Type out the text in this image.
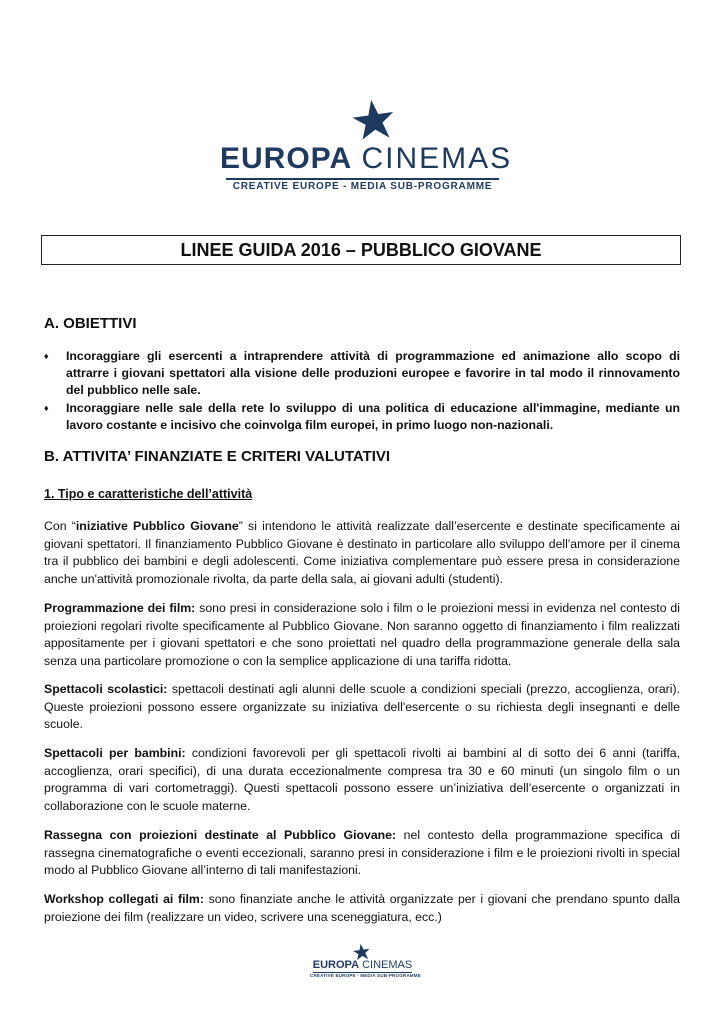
EUROPA CINEMAS
CREATIVE EUROPE - MEDIA SUB-PROGRAMME
LINEE GUIDA 2016 – PUBBLICO GIOVANE
A. OBIETTIVI
♦ Incoraggiare gli esercenti a intraprendere attività di programmazione ed animazione allo scopo di attrarre i giovani spettatori alla visione delle produzioni europee e favorire in tal modo il rinnovamento del pubblico nelle sale.
♦ Incoraggiare nelle sale della rete lo sviluppo di una politica di educazione all'immagine, mediante un lavoro costante e incisivo che coinvolga film europei, in primo luogo non-nazionali.
B. ATTIVITA’ FINANZIATE E CRITERI VALUTATIVI
1. Tipo e caratteristiche dell’attività

Con “iniziative Pubblico Giovane” si intendono le attività realizzate dall’esercente e destinate specificamente ai giovani spettatori. Il finanziamento Pubblico Giovane è destinato in particolare allo sviluppo dell'amore per il cinema tra il pubblico dei bambini e degli adolescenti. Come iniziativa complementare può essere presa in considerazione anche un'attività promozionale rivolta, da parte della sala, ai giovani adulti (studenti).

Programmazione dei film: sono presi in considerazione solo i film o le proiezioni messi in evidenza nel contesto di proiezioni regolari rivolte specificamente al Pubblico Giovane. Non saranno oggetto di finanziamento i film realizzati appositamente per i giovani spettatori e che sono proiettati nel quadro della programmazione generale della sala senza una particolare promozione o con la semplice applicazione di una tariffa ridotta.

Spettacoli scolastici: spettacoli destinati agli alunni delle scuole a condizioni speciali (prezzo, accoglienza, orari). Queste proiezioni possono essere organizzate su iniziativa dell'esercente o su richiesta degli insegnanti e delle scuole.

Spettacoli per bambini: condizioni favorevoli per gli spettacoli rivolti ai bambini al di sotto dei 6 anni (tariffa, accoglienza, orari specifici), di una durata eccezionalmente compresa tra 30 e 60 minuti (un singolo film o un programma di vari cortometraggi). Questi spettacoli possono essere un’iniziativa dell’esercente o organizzati in collaborazione con le scuole materne.

Rassegna con proiezioni destinate al Pubblico Giovane: nel contesto della programmazione specifica di rassegna cinematografiche o eventi eccezionali, saranno presi in considerazione i film e le proiezioni rivolti in special modo al Pubblico Giovane all’interno di tali manifestazioni.

Workshop collegati ai film: sono finanziate anche le attività organizzate per i giovani che prendano spunto dalla proiezione dei film (realizzare un video, scrivere una sceneggiatura, ecc.)

EUROPA CINEMAS
CREATIVE EUROPE - MEDIA SUB-PROGRAMME
